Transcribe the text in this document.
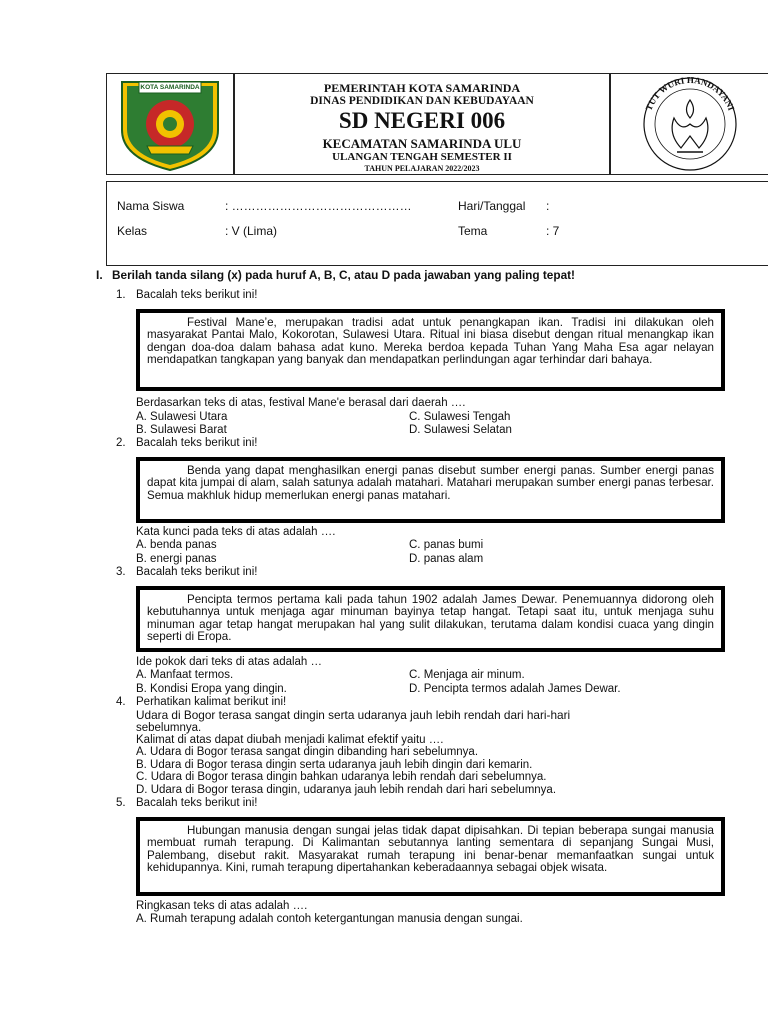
KOTA SAMARINDA	PEMERINTAH KOTA SAMARINDA
DINAS PENDIDIKAN DAN KEBUDAYAAN
SD NEGERI 006
KECAMATAN SAMARINDA ULU
ULANGAN TENGAH SEMESTER II
TAHUN PELAJARAN 2022/2023
TUT WURI HANDAYANI
Nama Siswa	: ………………………………………	Hari/Tanggal :
Kelas	: V (Lima)	Tema	: 7
I. Berilah tanda silang (x) pada huruf A, B, C, atau D pada jawaban yang paling tepat!
1. Bacalah teks berikut ini!

Festival Mane’e, merupakan tradisi adat untuk penangkapan ikan. Tradisi ini dilakukan oleh masyarakat Pantai Malo, Kokorotan, Sulawesi Utara. Ritual ini biasa disebut dengan ritual menangkap ikan dengan doa-doa dalam bahasa adat kuno. Mereka berdoa kepada Tuhan Yang Maha Esa agar nelayan mendapatkan tangkapan yang banyak dan mendapatkan perlindungan agar terhindar dari bahaya.

Berdasarkan teks di atas, festival Mane'e berasal dari daerah ….
A. Sulawesi Utara	C. Sulawesi Tengah
B. Sulawesi Barat	D. Sulawesi Selatan
2. Bacalah teks berikut ini!

Benda yang dapat menghasilkan energi panas disebut sumber energi panas. Sumber energi panas dapat kita jumpai di alam, salah satunya adalah matahari. Matahari merupakan sumber energi panas terbesar. Semua makhluk hidup memerlukan energi panas matahari.

Kata kunci pada teks di atas adalah ….
A. benda panas	C. panas bumi
B. energi panas	D. panas alam
3. Bacalah teks berikut ini!

Pencipta termos pertama kali pada tahun 1902 adalah James Dewar. Penemuannya didorong oleh kebutuhannya untuk menjaga agar minuman bayinya tetap hangat. Tetapi saat itu, untuk menjaga suhu minuman agar tetap hangat merupakan hal yang sulit dilakukan, terutama dalam kondisi cuaca yang dingin seperti di Eropa.

Ide pokok dari teks di atas adalah …
A. Manfaat termos.	C. Menjaga air minum.
B. Kondisi Eropa yang dingin.	D. Pencipta termos adalah James Dewar.
4. Perhatikan kalimat berikut ini!
Udara di Bogor terasa sangat dingin serta udaranya jauh lebih rendah dari hari-hari
sebelumnya.
Kalimat di atas dapat diubah menjadi kalimat efektif yaitu ….
A. Udara di Bogor terasa sangat dingin dibanding hari sebelumnya.
B. Udara di Bogor terasa dingin serta udaranya jauh lebih dingin dari kemarin.
C. Udara di Bogor terasa dingin bahkan udaranya lebih rendah dari sebelumnya.
D. Udara di Bogor terasa dingin, udaranya jauh lebih rendah dari hari sebelumnya.
5. Bacalah teks berikut ini!

Hubungan manusia dengan sungai jelas tidak dapat dipisahkan. Di tepian beberapa sungai manusia membuat rumah terapung. Di Kalimantan sebutannya lanting sementara di sepanjang Sungai Musi, Palembang, disebut rakit. Masyarakat rumah terapung ini benar-benar memanfaatkan sungai untuk kehidupannya. Kini, rumah terapung dipertahankan keberadaannya sebagai objek wisata.

Ringkasan teks di atas adalah ….
A. Rumah terapung adalah contoh ketergantungan manusia dengan sungai.
